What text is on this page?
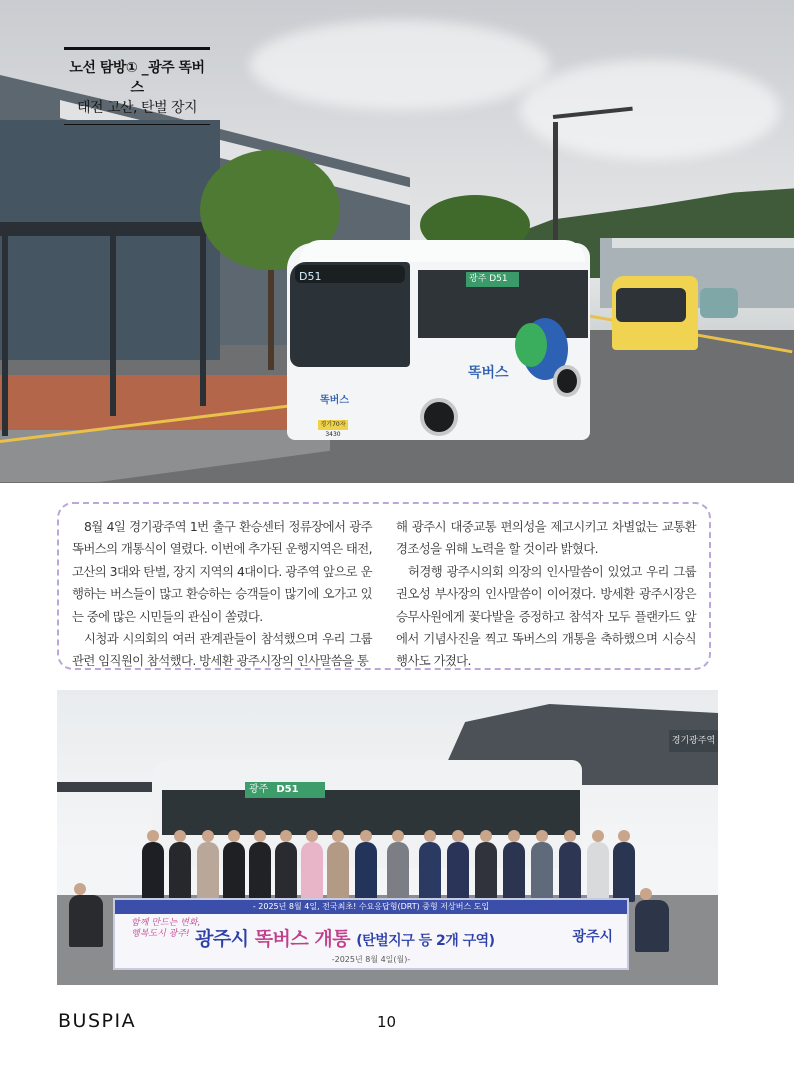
D51	광주 D51
똑버스
똑버스
경기70자3430
노선 탐방① _광주 똑버스
태전 고산, 탄벌 장지

8월 4일 경기광주역 1번 출구 환승센터 정류장에서 광주 똑버스의 개통식이 열렸다. 이번에 추가된 운행지역은 태전, 고산의 3대와 탄벌, 장지 지역의 4대이다. 광주역 앞으로 운행하는 버스들이 많고 환승하는 승객들이 많기에 오가고 있는 중에 많은 시민들의 관심이 쏠렸다.

시청과 시의회의 여러 관계관들이 참석했으며 우리 그룹 관련 임직원이 참석했다. 방세환 광주시장의 인사말씀을 통

해 광주시 대중교통 편의성을 제고시키고 차별없는 교통환경조성을 위해 노력을 할 것이라 밝혔다.

허경행 광주시의회 의장의 인사말씀이 있었고 우리 그룹 권오성 부사장의 인사말씀이 이어졌다. 방세환 광주시장은 승무사원에게 꽃다발을 증정하고 참석자 모두 플랜카드 앞에서 기념사진을 찍고 똑버스의 개통을 축하했으며 시승식 행사도 가졌다.

경기광주역
광주 D51
- 2025년 8월 4일, 전국최초! 수요응답형(DRT) 중형 저상버스 도입
함께 만드는 변화,
행복도시 광주! 광주시 똑버스 개통 (탄벌지구 등 2개 구역)	광주시
-2025년 8월 4일(월)-
BUSPIA	10
